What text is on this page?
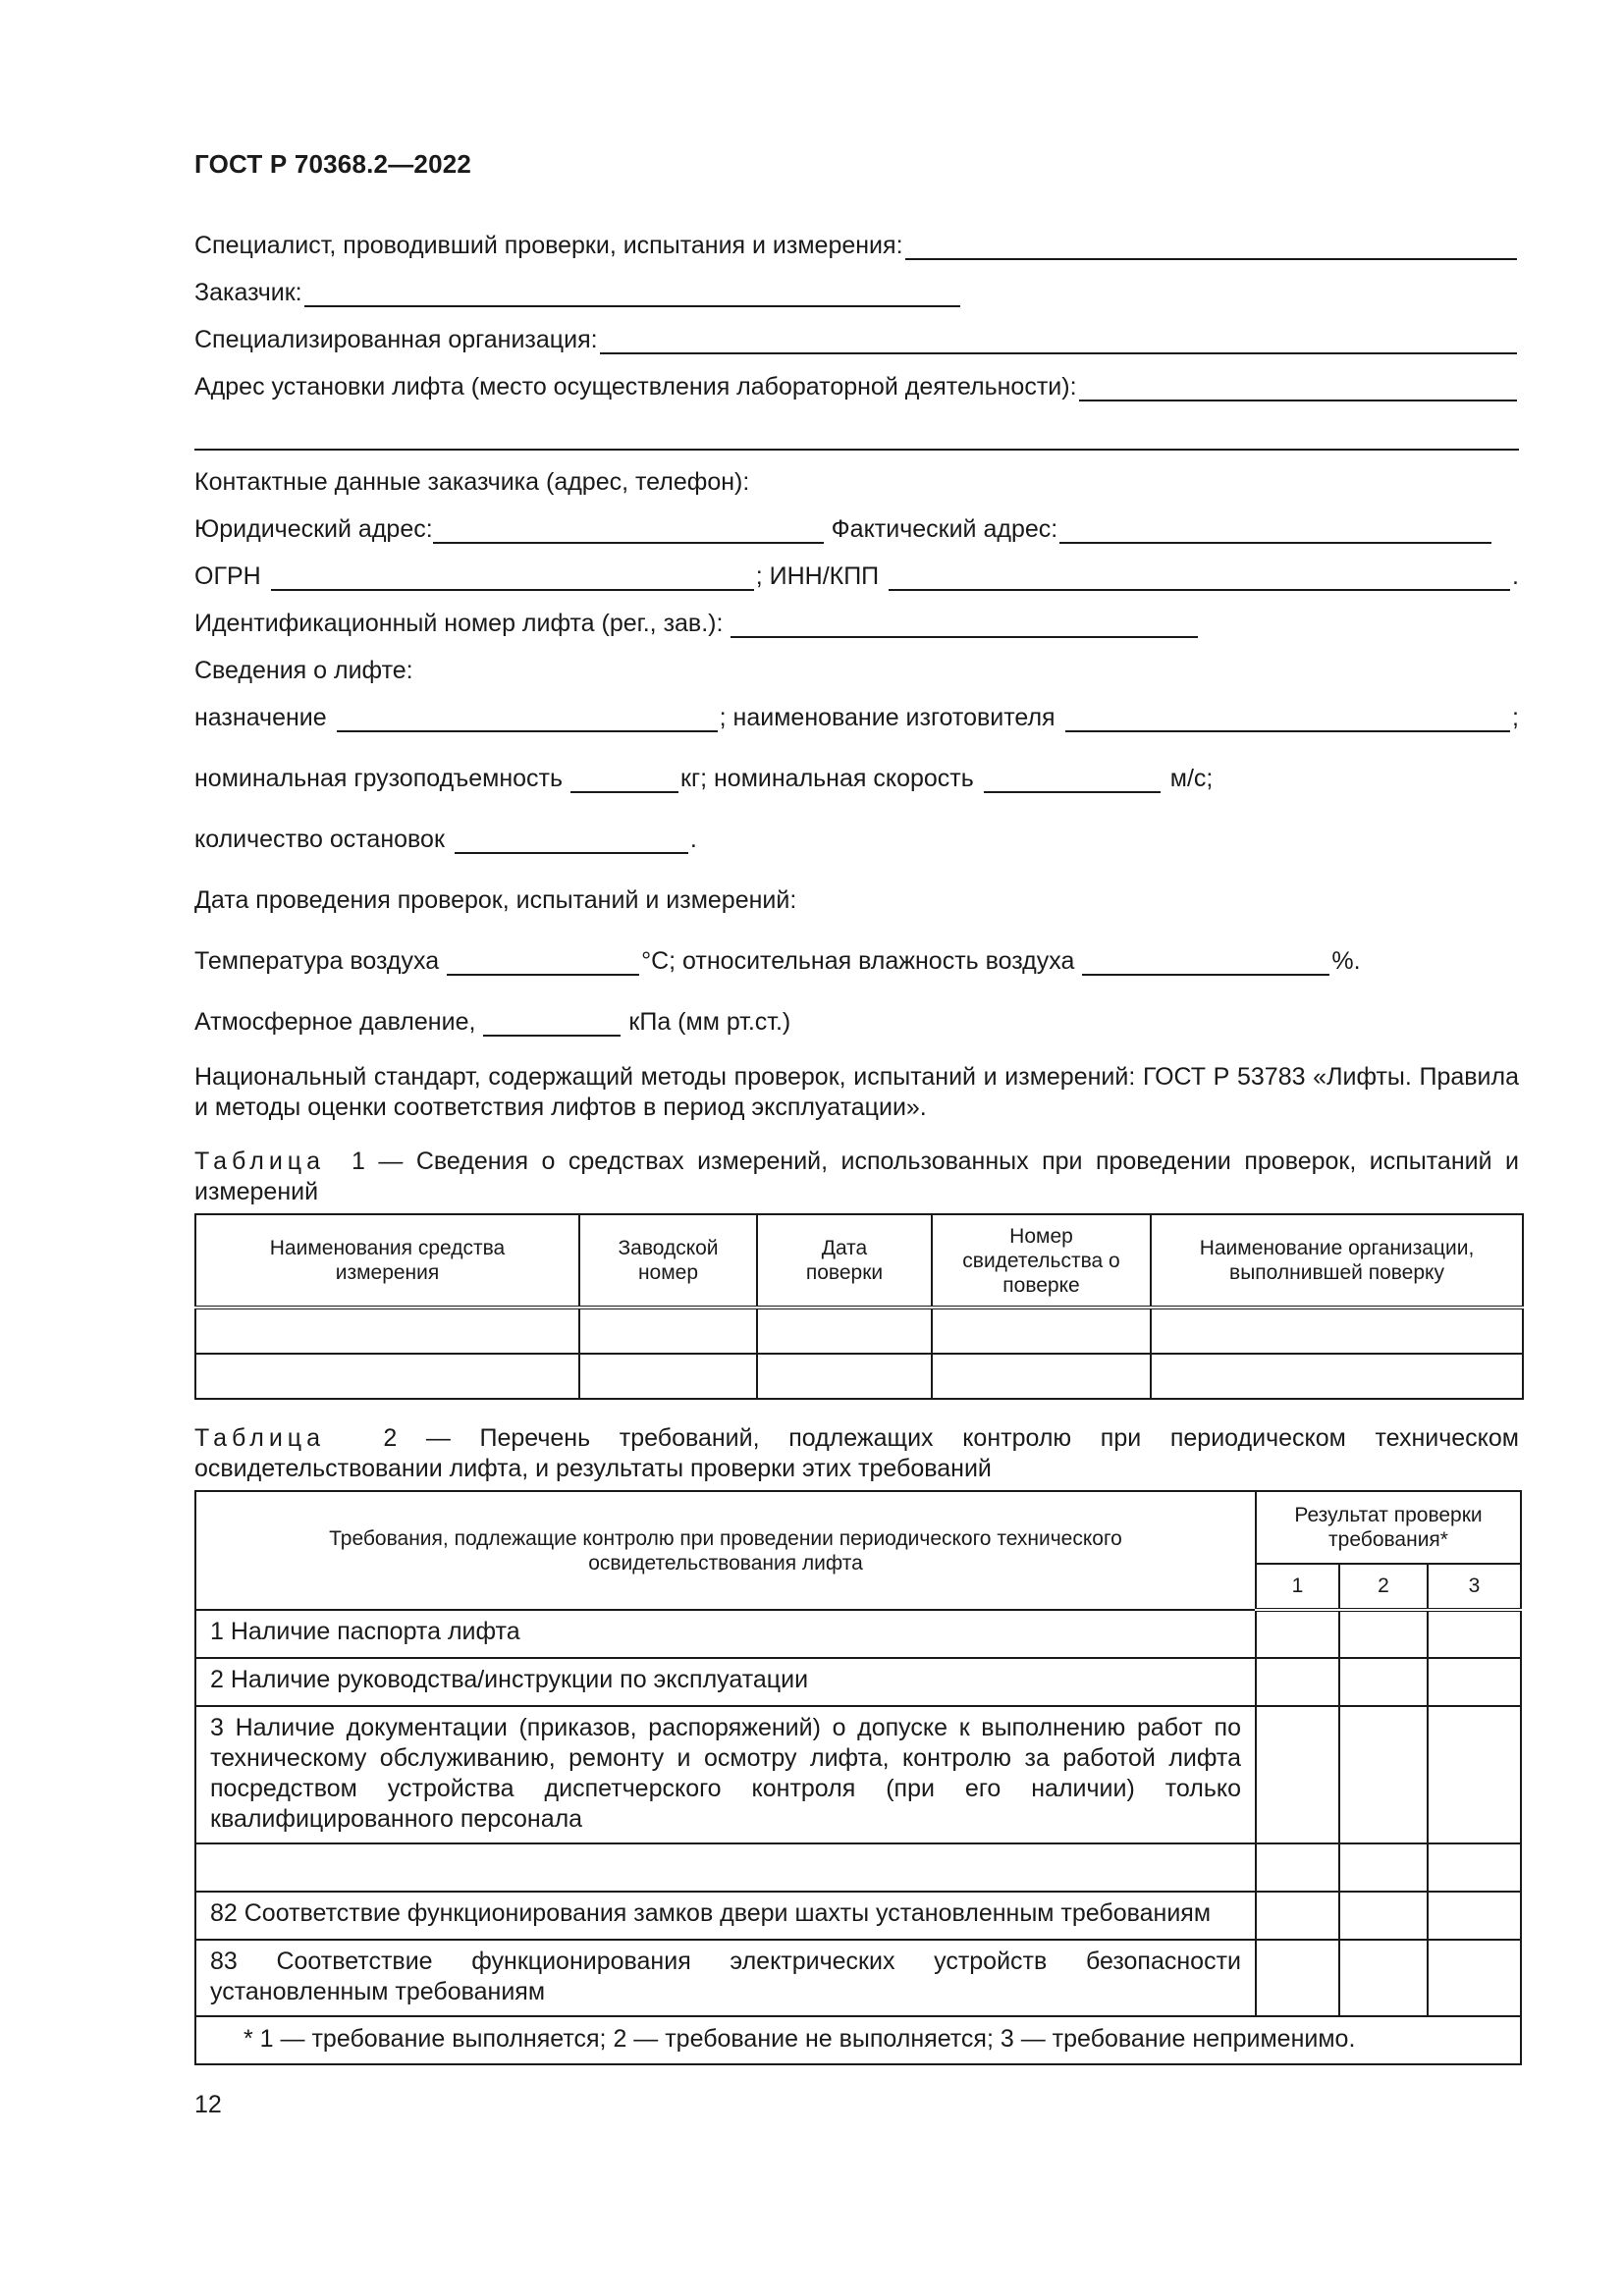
ГОСТ Р 70368.2—2022
Специалист, проводивший проверки, испытания и измерения:
Заказчик:
Специализированная организация:
Адрес установки лифта (место осуществления лабораторной деятельности):
Контактные данные заказчика (адрес, телефон):
Юридический адрес:	Фактический адрес:
ОГРН	; ИНН/КПП	.
Идентификационный номер лифта (рег., зав.):
Сведения о лифте:
назначение	; наименование изготовителя	;
номинальная грузоподъемность	кг; номинальная скорость	м/с;
количество остановок	.
Дата проведения проверок, испытаний и измерений:
Температура воздуха	°С; относительная влажность воздуха	%.
Атмосферное давление,	кПа (мм рт.ст.)
Национальный стандарт, содержащий методы проверок, испытаний и измерений: ГОСТ Р 53783 «Лифты. Правила и методы оценки соответствия лифтов в период эксплуатации».
Таблица 1 — Сведения о средствах измерений, использованных при проведении проверок, испытаний и измерений
Наименования средства измерения	Заводской номер	Дата поверки	Номер свидетельства о поверке	Наименование организации, выполнившей поверку

Таблица 2 — Перечень требований, подлежащих контролю при периодическом техническом освидетельствовании лифта, и результаты проверки этих требований
Требования, подлежащие контролю при проведении периодического технического освидетельствования лифта	Результат проверки требования*		
	1	2	3
1 Наличие паспорта лифта			
2 Наличие руководства/инструкции по эксплуатации			
3 Наличие документации (приказов, распоряжений) о допуске к выполнению работ по техническому обслуживанию, ремонту и осмотру лифта, контролю за работой лифта посредством устройства диспетчерского контроля (при его наличии) только квалифицированного персонала			

82 Соответствие функционирования замков двери шахты установленным требованиям			
83 Соответствие функционирования электрических устройств безопасности установленным требованиям			
* 1 — требование выполняется; 2 — требование не выполняется; 3 — требование неприменимо.			
12
